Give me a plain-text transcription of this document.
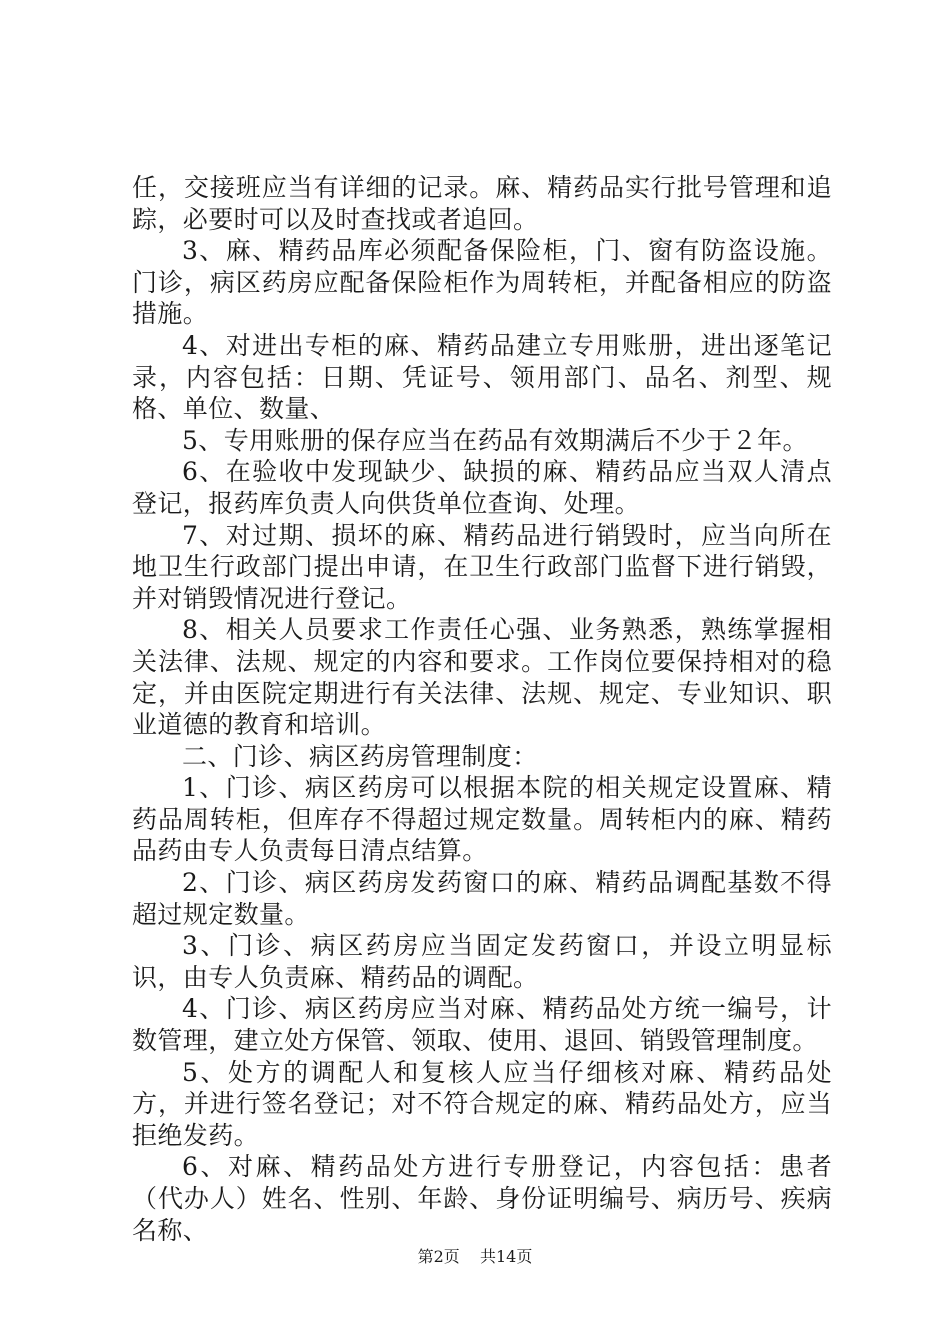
任，交接班应当有详细的记录。麻、精药品实行批号管理和追踪，必要时可以及时查找或者追回。

3、麻、精药品库必须配备保险柜，门、窗有防盗设施。门诊，病区药房应配备保险柜作为周转柜，并配备相应的防盗措施。

4、对进出专柜的麻、精药品建立专用账册，进出逐笔记录，内容包括：日期、凭证号、领用部门、品名、剂型、规格、单位、数量、

5、专用账册的保存应当在药品有效期满后不少于２年。

6、在验收中发现缺少、缺损的麻、精药品应当双人清点登记，报药库负责人向供货单位查询、处理。

7、对过期、损坏的麻、精药品进行销毁时，应当向所在地卫生行政部门提出申请，在卫生行政部门监督下进行销毁，并对销毁情况进行登记。

8、相关人员要求工作责任心强、业务熟悉，熟练掌握相关法律、法规、规定的内容和要求。工作岗位要保持相对的稳定，并由医院定期进行有关法律、法规、规定、专业知识、职业道德的教育和培训。

二、门诊、病区药房管理制度：

1、门诊、病区药房可以根据本院的相关规定设置麻、精药品周转柜，但库存不得超过规定数量。周转柜内的麻、精药品药由专人负责每日清点结算。

2、门诊、病区药房发药窗口的麻、精药品调配基数不得超过规定数量。

3、门诊、病区药房应当固定发药窗口，并设立明显标识，由专人负责麻、精药品的调配。

4、门诊、病区药房应当对麻、精药品处方统一编号，计数管理，建立处方保管、领取、使用、退回、销毁管理制度。

5、处方的调配人和复核人应当仔细核对麻、精药品处方，并进行签名登记；对不符合规定的麻、精药品处方，应当拒绝发药。

6、对麻、精药品处方进行专册登记，内容包括：患者（代办人）姓名、性别、年龄、身份证明编号、病历号、疾病名称、

第2页 共14页
